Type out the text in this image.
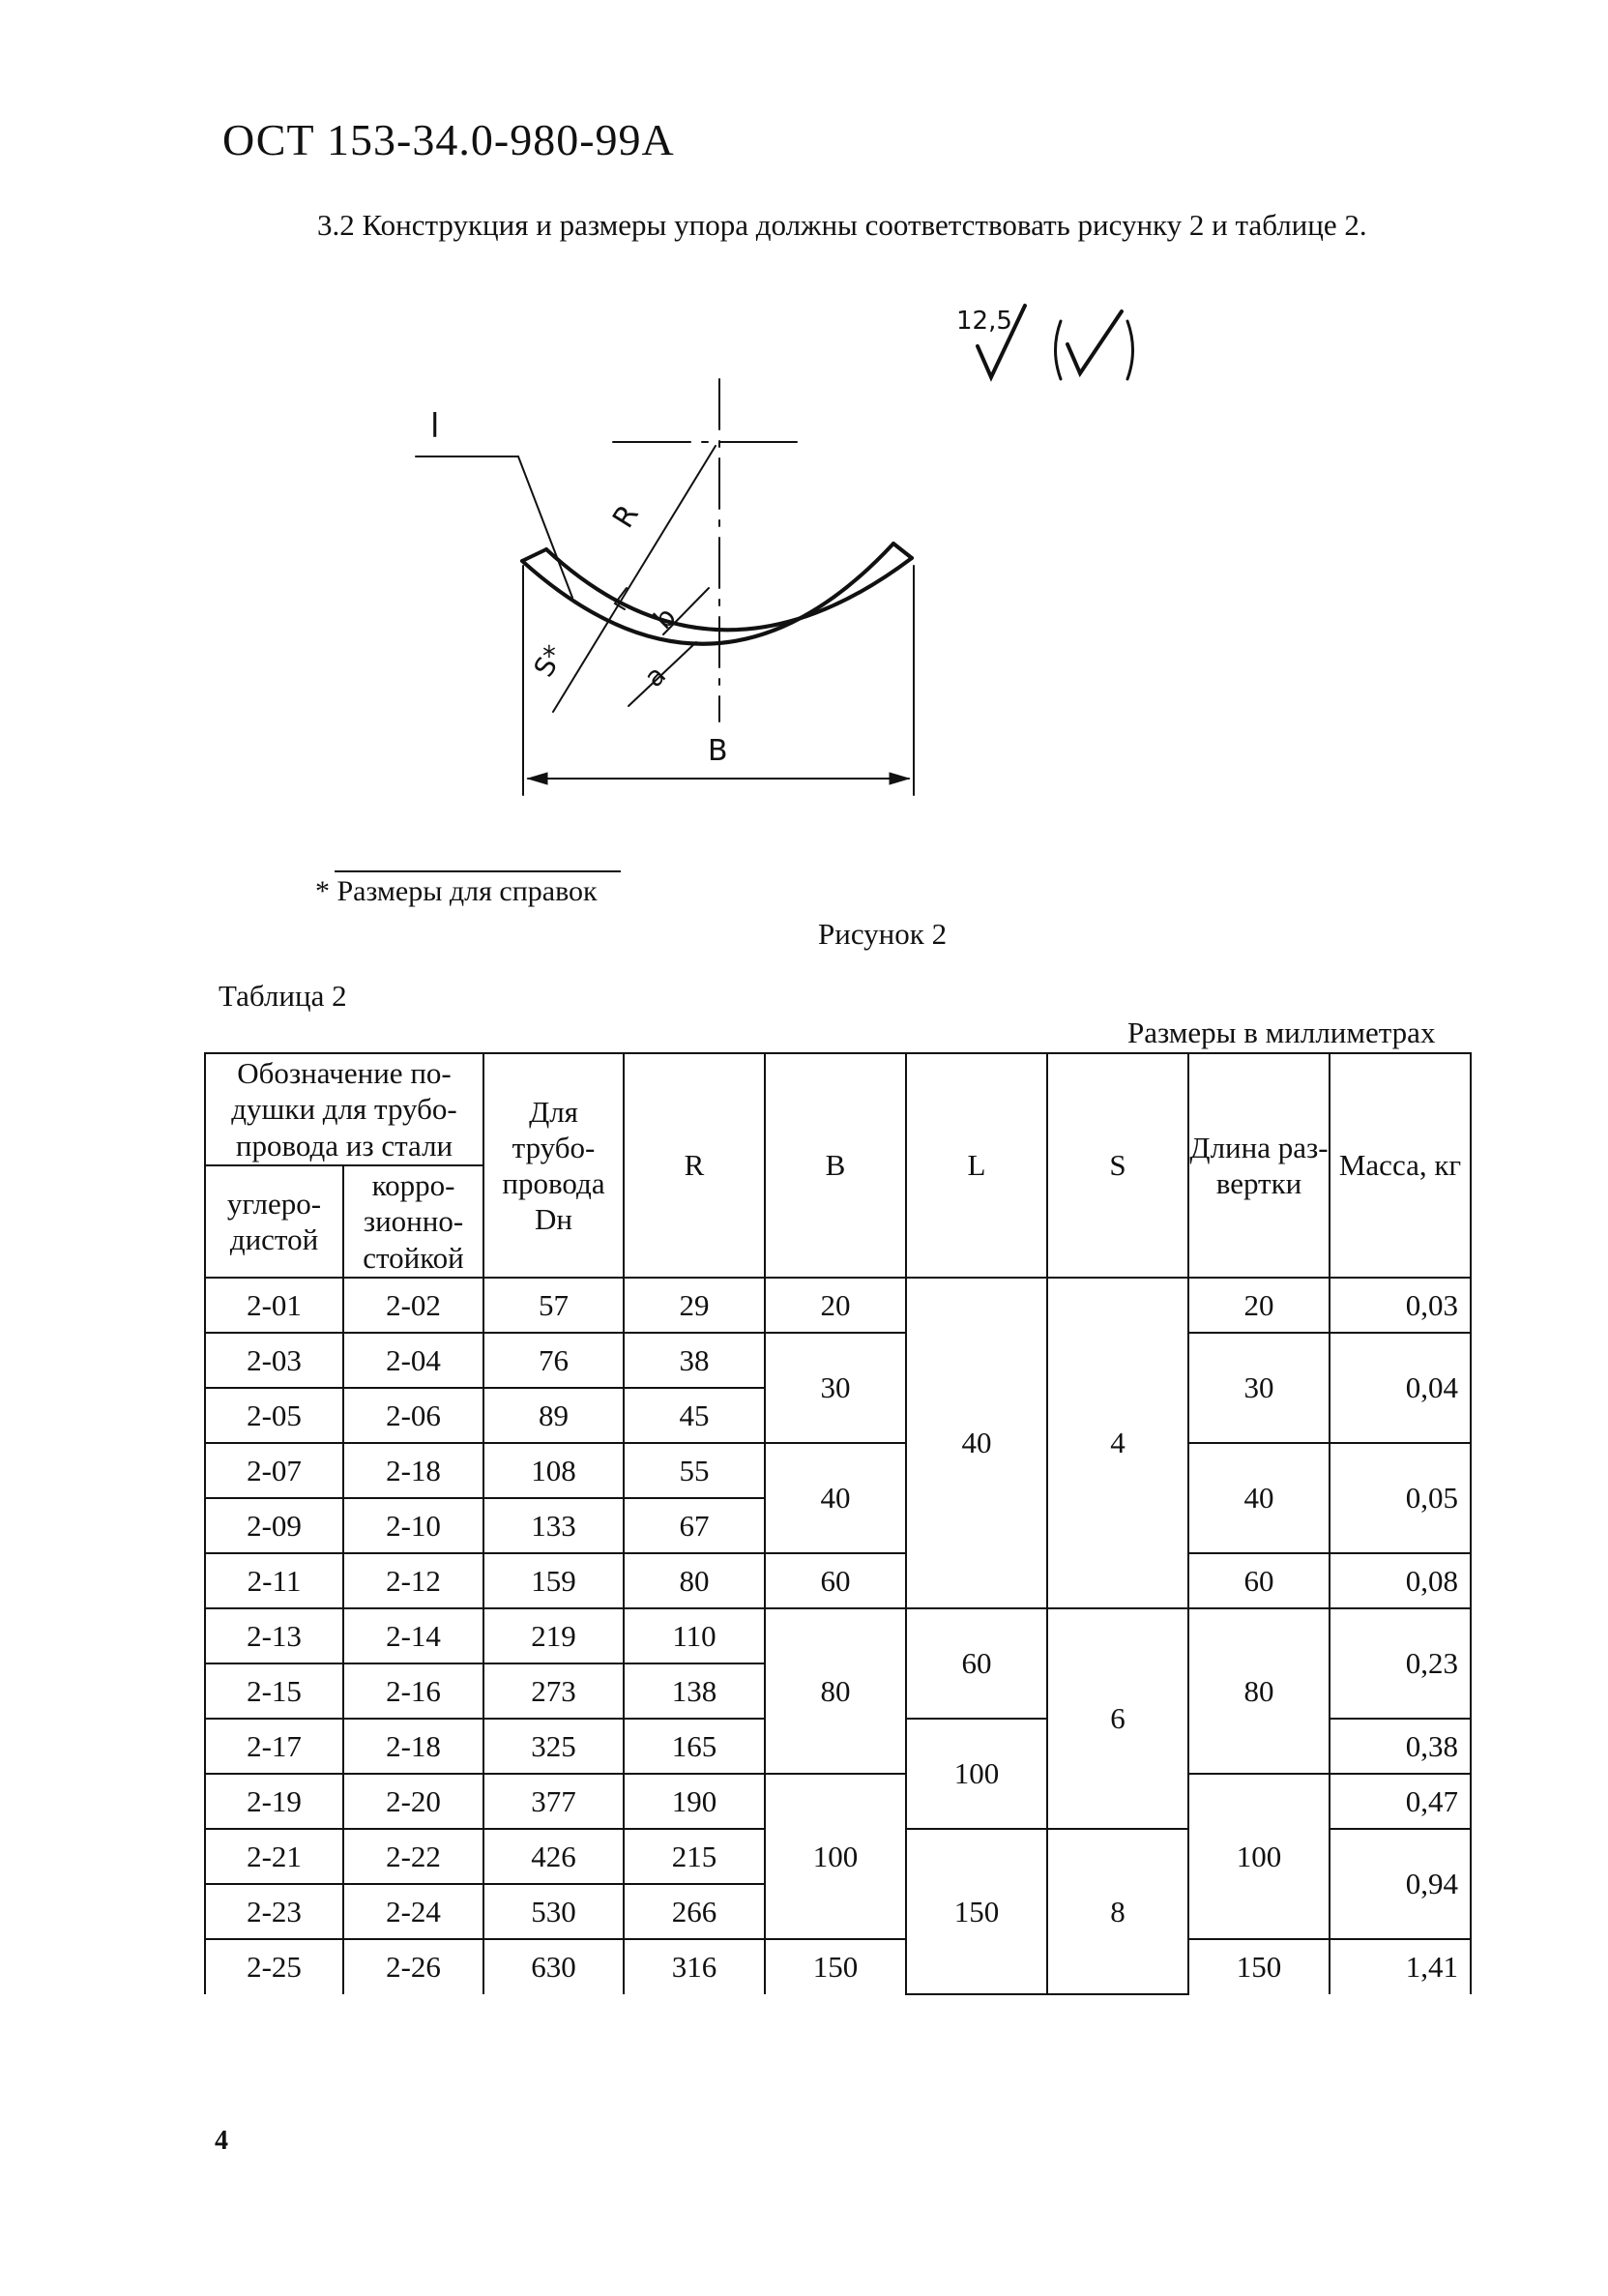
ОСТ 153-34.0-980-99А
3.2 Конструкция и размеры упора должны соответствовать рисунку 2 и таблице 2.
12,5
l
R
S*
b
a
B
* Размеры для справок
Рисунок 2
Таблица 2
Размеры в миллиметрах
Обозначение по- душки для трубо- провода из стали		Для трубо- провода Dн	R	B	L	S	Длина раз- вертки	Масса, кг
углеро- дистой	корро- зионно- стойкой							
2-01	2-02	57	29	20	40	4	20	0,03
2-03	2-04	76	38	30			30	0,04
2-05	2-06	89	45					
2-07	2-18	108	55	40			40	0,05
2-09	2-10	133	67					
2-11	2-12	159	80	60			60	0,08
2-13	2-14	219	110	80	60	6	80	0,23
2-15	2-16	273	138					
2-17	2-18	325	165		100			0,38
2-19	2-20	377	190	100			100	0,47
2-21	2-22	426	215		150	8		0,94
2-23	2-24	530	266					
2-25	2-26	630	316	150			150	1,41
4
